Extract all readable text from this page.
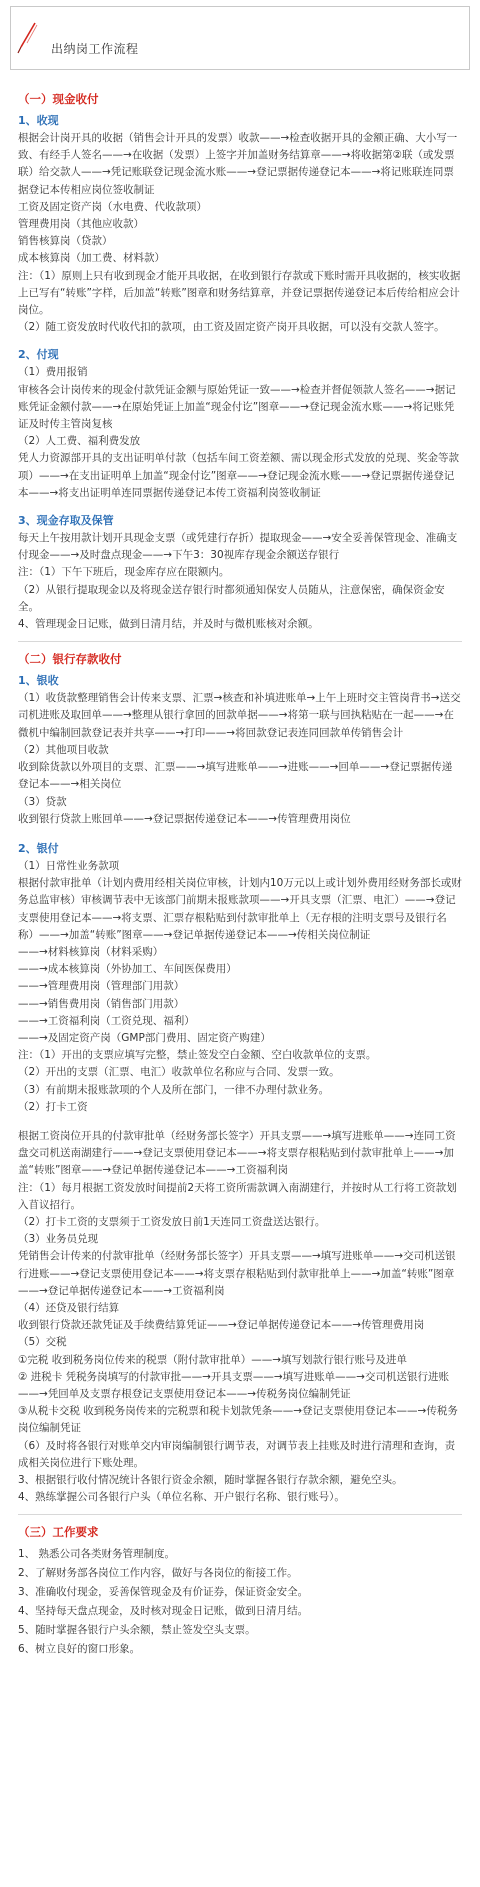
出纳岗工作流程
（一）现金收付
1、收现

根据会计岗开具的收据（销售会计开具的发票）收款——→检查收据开具的金额正确、大小写一致、有经手人签名——→在收据（发票）上签字并加盖财务结算章——→将收据第②联（或发票联）给交款人——→凭记账联登记现金流水账——→登记票据传递登记本——→将记账联连同票据登记本传相应岗位签收制证

工资及固定资产岗（水电费、代收款项）

管理费用岗（其他应收款）

销售核算岗（贷款）

成本核算岗（加工费、材料款）

注：（1）原则上只有收到现金才能开具收据，在收到银行存款或下账时需开具收据的，核实收据上已写有“转账”字样，后加盖“转账”图章和财务结算章，并登记票据传递登记本后传给相应会计岗位。

（2）随工资发放时代收代扣的款项，由工资及固定资产岗开具收据，可以没有交款人签字。

2、付现

（1）费用报销

审核各会计岗传来的现金付款凭证金额与原始凭证一致——→检查并督促领款人签名——→据记账凭证金额付款——→在原始凭证上加盖“现金付讫”图章——→登记现金流水账——→将记账凭证及时传主管岗复核

（2）人工费、福利费发放

凭人力资源部开具的支出证明单付款（包括车间工资差额、需以现金形式发放的兑现、奖金等款项）——→在支出证明单上加盖“现金付讫”图章——→登记现金流水账——→登记票据传递登记本——→将支出证明单连同票据传递登记本传工资福利岗签收制证

3、现金存取及保管

每天上午按用款计划开具现金支票（或凭建行存折）提取现金——→安全妥善保管现金、准确支付现金——→及时盘点现金——→下午3：30视库存现金余额送存银行

注：（1）下午下班后，现金库存应在限额内。

（2）从银行提取现金以及将现金送存银行时都须通知保安人员随从，注意保密，确保资金安全。

4、管理现金日记账，做到日清月结，并及时与微机账核对余额。

（二）银行存款收付
1、银收

（1）收货款整理销售会计传来支票、汇票→核查和补填进账单→上午上班时交主管岗背书→送交司机进账及取回单——→整理从银行拿回的回款单据——→将第一联与回执粘贴在一起——→在微机中编制回款登记表并共享——→打印——→将回款登记表连同回款单传销售会计

（2）其他项目收款

收到除货款以外项目的支票、汇票——→填写进账单——→进账——→回单——→登记票据传递登记本——→相关岗位

（3）贷款

收到银行贷款上账回单——→登记票据传递登记本——→传管理费用岗位

2、银付

（1）日常性业务款项

根据付款审批单（计划内费用经相关岗位审核，计划内10万元以上或计划外费用经财务部长或财务总监审核）审核调节表中无该部门前期未报账款项——→开具支票（汇票、电汇）——→登记支票使用登记本——→将支票、汇票存根粘贴到付款审批单上（无存根的注明支票号及银行名称）——→加盖“转账”图章——→登记单据传递登记本——→传相关岗位制证

——→材料核算岗（材料采购）

——→成本核算岗（外协加工、车间医保费用）

——→管理费用岗（管理部门用款）

——→销售费用岗（销售部门用款）

——→工资福利岗（工资兑现、福利）

——→及固定资产岗（GMP部门费用、固定资产购建）

注：（1）开出的支票应填写完整，禁止签发空白金额、空白收款单位的支票。

（2）开出的支票（汇票、电汇）收款单位名称应与合同、发票一致。

（3）有前期未报账款项的个人及所在部门，一律不办理付款业务。

（2）打卡工资

根据工资岗位开具的付款审批单（经财务部长签字）开具支票——→填写进账单——→连同工资盘交司机送南湖建行——→登记支票使用登记本——→将支票存根粘贴到付款审批单上——→加盖“转账”图章——→登记单据传递登记本——→工资福利岗

注：（1）每月根据工资发放时间提前2天将工资所需款调入南湖建行，并按时从工行将工资款划入苜议招行。

（2）打卡工资的支票须于工资发放日前1天连同工资盘送达银行。

（3）业务员兑现

凭销售会计传来的付款审批单（经财务部长签字）开具支票——→填写进账单——→交司机送银行进账——→登记支票使用登记本——→将支票存根粘贴到付款审批单上——→加盖“转账”图章——→登记单据传递登记本——→工资福利岗

（4）还贷及银行结算

收到银行贷款还款凭证及手续费结算凭证——→登记单据传递登记本——→传管理费用岗

（5）交税

①完税 收到税务岗位传来的税票（附付款审批单）——→填写划款行银行账号及进单

② 进税卡 凭税务岗填写的付款审批——→开具支票——→填写进账单——→交司机送银行进账——→凭回单及支票存根登记支票使用登记本——→传税务岗位编制凭证

③从税卡交税 收到税务岗传来的完税票和税卡划款凭条——→登记支票使用登记本——→传税务岗位编制凭证

（6）及时将各银行对账单交内审岗编制银行调节表，对调节表上挂账及时进行清理和查询，责成相关岗位进行下账处理。

3、根据银行收付情况统计各银行资金余额，随时掌握各银行存款余额，避免空头。

4、熟练掌握公司各银行户头（单位名称、开户银行名称、银行账号）。

（三）工作要求

1、 熟悉公司各类财务管理制度。

2、了解财务部各岗位工作内容，做好与各岗位的衔接工作。

3、准确收付现金，妥善保管现金及有价证券，保证资金安全。

4、坚持每天盘点现金，及时核对现金日记账，做到日清月结。

5、随时掌握各银行户头余额，禁止签发空头支票。

6、树立良好的窗口形象。
